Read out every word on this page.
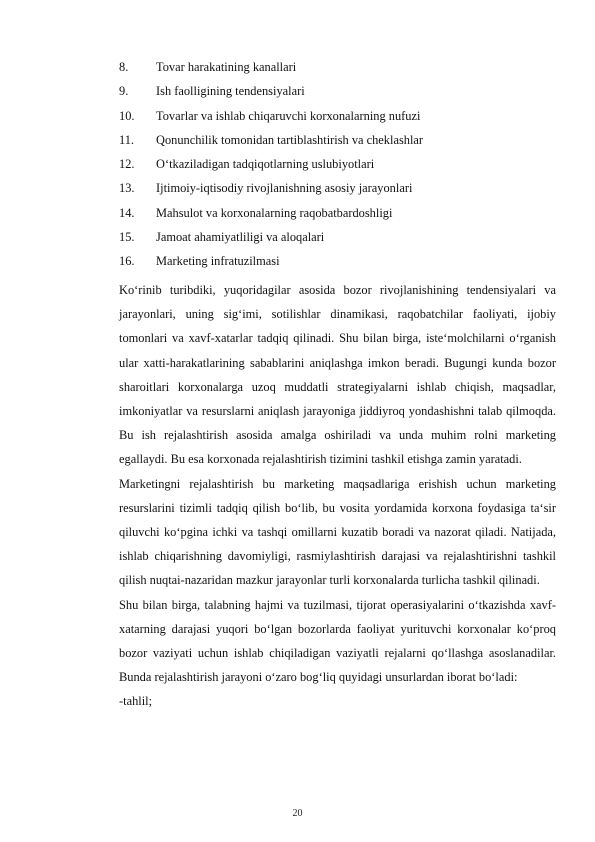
8.	Tovar harakatining kanallari
9.	Ish faolligining tendensiyalari
10.	Tovarlar va ishlab chiqaruvchi korxonalarning nufuzi
11.	Qonunchilik tomonidan tartiblashtirish va cheklashlar
12.	O‘tkaziladigan tadqiqotlarning uslubiyotlari
13.	Ijtimoiy-iqtisodiy rivojlanishning asosiy jarayonlari
14.	Mahsulot va korxonalarning raqobatbardoshligi
15.	Jamoat ahamiyatliligi va aloqalari
16.	Marketing infratuzilmasi

Ko‘rinib turibdiki, yuqoridagilar asosida bozor rivojlanishining tendensiyalari va jarayonlari, uning sig‘imi, sotilishlar dinamikasi, raqobatchilar faoliyati, ijobiy tomonlari va xavf-xatarlar tadqiq qilinadi. Shu bilan birga, iste‘molchilarni o‘rganish ular xatti-harakatlarining sabablarini aniqlashga imkon beradi. Bugungi kunda bozor sharoitlari korxonalarga uzoq muddatli strategiyalarni ishlab chiqish, maqsadlar, imkoniyatlar va resurslarni aniqlash jarayoniga jiddiyroq yondashishni talab qilmoqda. Bu ish rejalashtirish asosida amalga oshiriladi va unda muhim rolni marketing egallaydi. Bu esa korxonada rejalashtirish tizimini tashkil etishga zamin yaratadi.

Marketingni rejalashtirish bu marketing maqsadlariga erishish uchun marketing resurslarini tizimli tadqiq qilish bo‘lib, bu vosita yordamida korxona foydasiga ta‘sir qiluvchi ko‘pgina ichki va tashqi omillarni kuzatib boradi va nazorat qiladi. Natijada, ishlab chiqarishning davomiyligi, rasmiylashtirish darajasi va rejalashtirishni tashkil qilish nuqtai-nazaridan mazkur jarayonlar turli korxonalarda turlicha tashkil qilinadi.

Shu bilan birga, talabning hajmi va tuzilmasi, tijorat operasiyalarini o‘tkazishda xavf-xatarning darajasi yuqori bo‘lgan bozorlarda faoliyat yurituvchi korxonalar ko‘proq bozor vaziyati uchun ishlab chiqiladigan vaziyatli rejalarni qo‘llashga asoslanadilar. Bunda rejalashtirish jarayoni o‘zaro bog‘liq quyidagi unsurlardan iborat bo‘ladi:

-tahlil;

20
